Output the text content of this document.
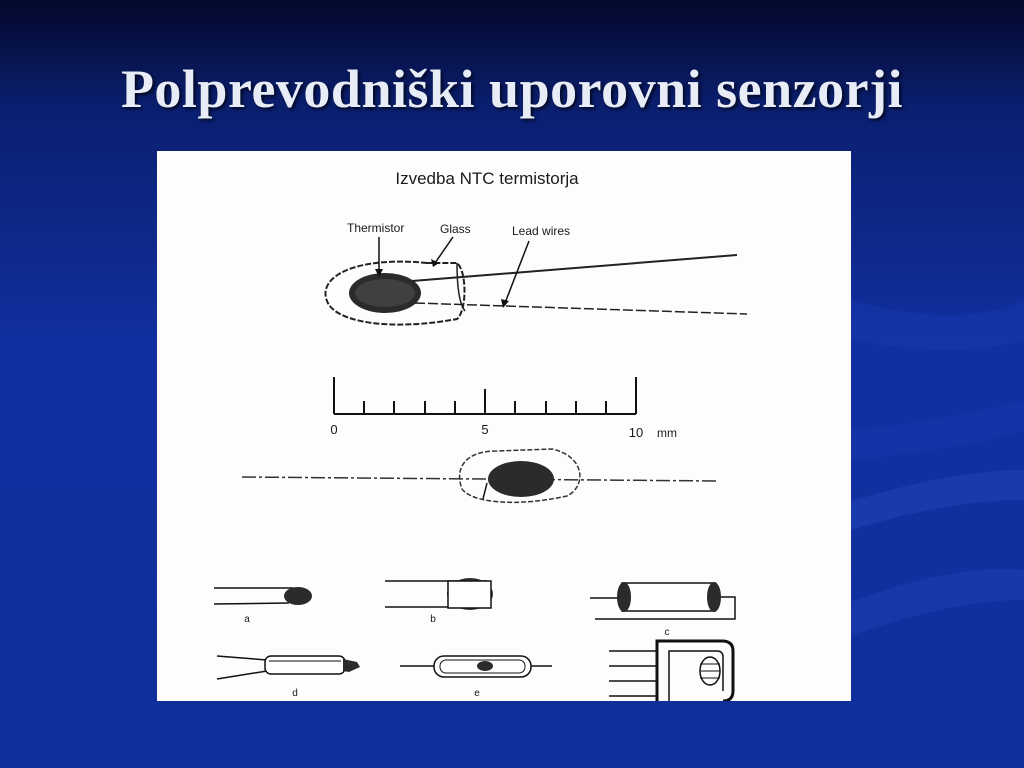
Polprevodniški uporovni senzorji
Izvedba NTC termistorja
Thermistor	Glass	Lead wires
0	5	10 mm
a	b
c
d	e
